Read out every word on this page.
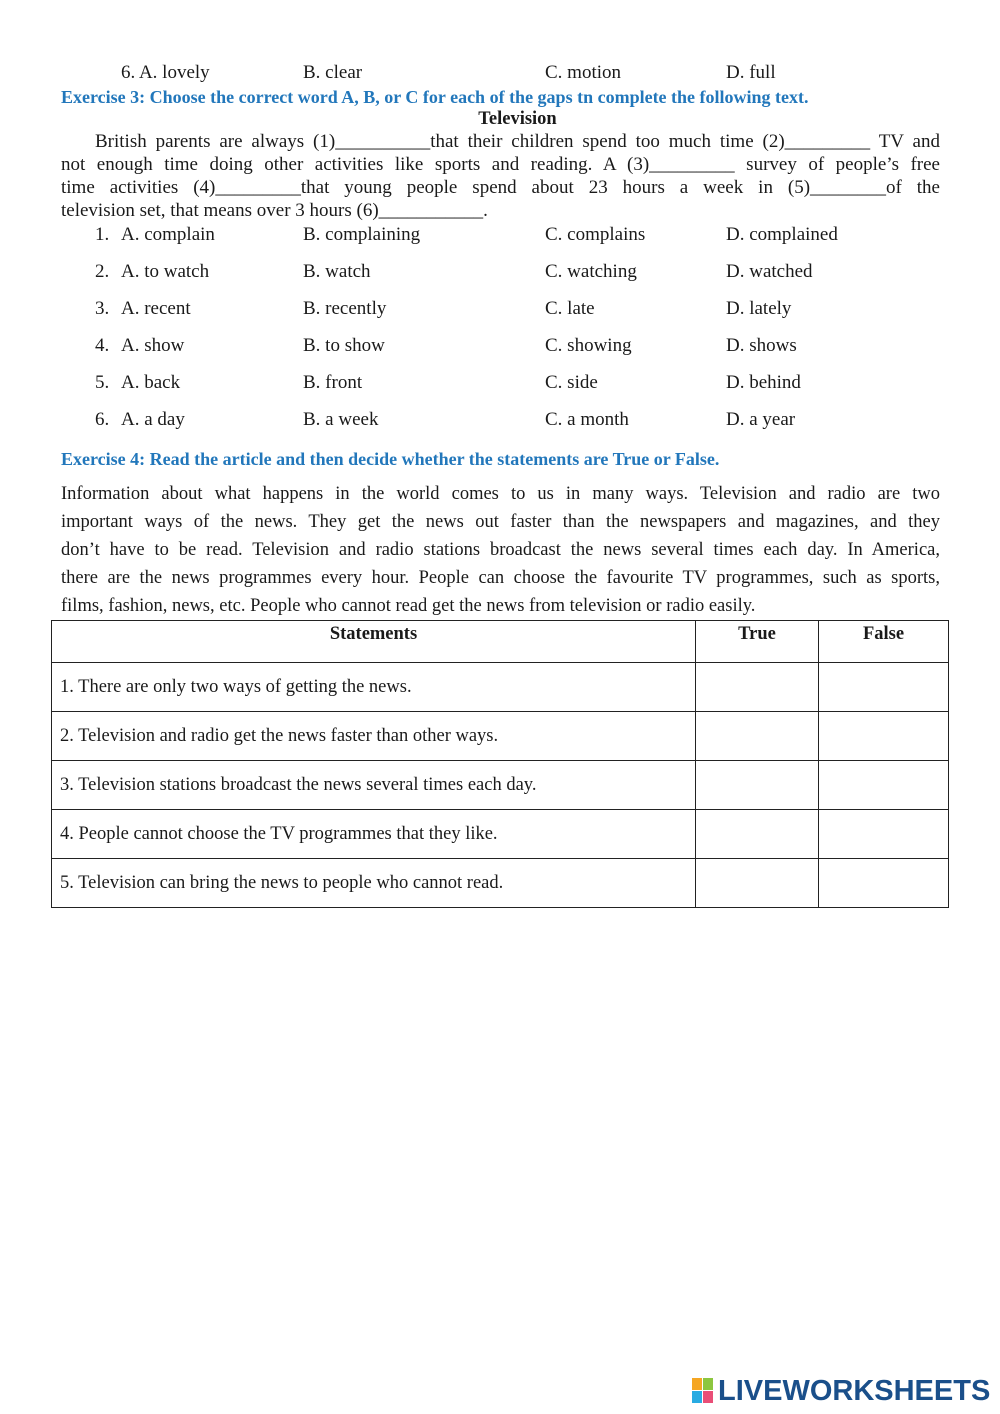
6. A. lovely	B. clear	C. motion	D. full
Exercise 3: Choose the correct word A, B, or C for each of the gaps tn complete the following text.
Television
British parents are always (1)__________that their children spend too much time (2)_________ TV and
not enough time doing other activities like sports and reading. A (3)_________ survey of people’s free
time activities (4)_________that young people spend about 23 hours a week in (5)________of the
television set, that means over 3 hours (6)___________.
1. A. complain	B. complaining	C. complains	D. complained
2. A. to watch	B. watch	C. watching	D. watched
3. A. recent	B. recently	C. late	D. lately
4. A. show	B. to show	C. showing	D. shows
5. A. back	B. front	C. side	D. behind
6. A. a day	B. a week	C. a month	D. a year
Exercise 4: Read the article and then decide whether the statements are True or False.
Information about what happens in the world comes to us in many ways. Television and radio are two
important ways of the news. They get the news out faster than the newspapers and magazines, and they
don’t have to be read. Television and radio stations broadcast the news several times each day. In America,
there are the news programmes every hour. People can choose the favourite TV programmes, such as sports,
films, fashion, news, etc. People who cannot read get the news from television or radio easily.
Statements	True	False
1. There are only two ways of getting the news.		
2. Television and radio get the news faster than other ways.		
3. Television stations broadcast the news several times each day.		
4. People cannot choose the TV programmes that they like.		
5. Television can bring the news to people who cannot read.		
LIVEWORKSHEETS
